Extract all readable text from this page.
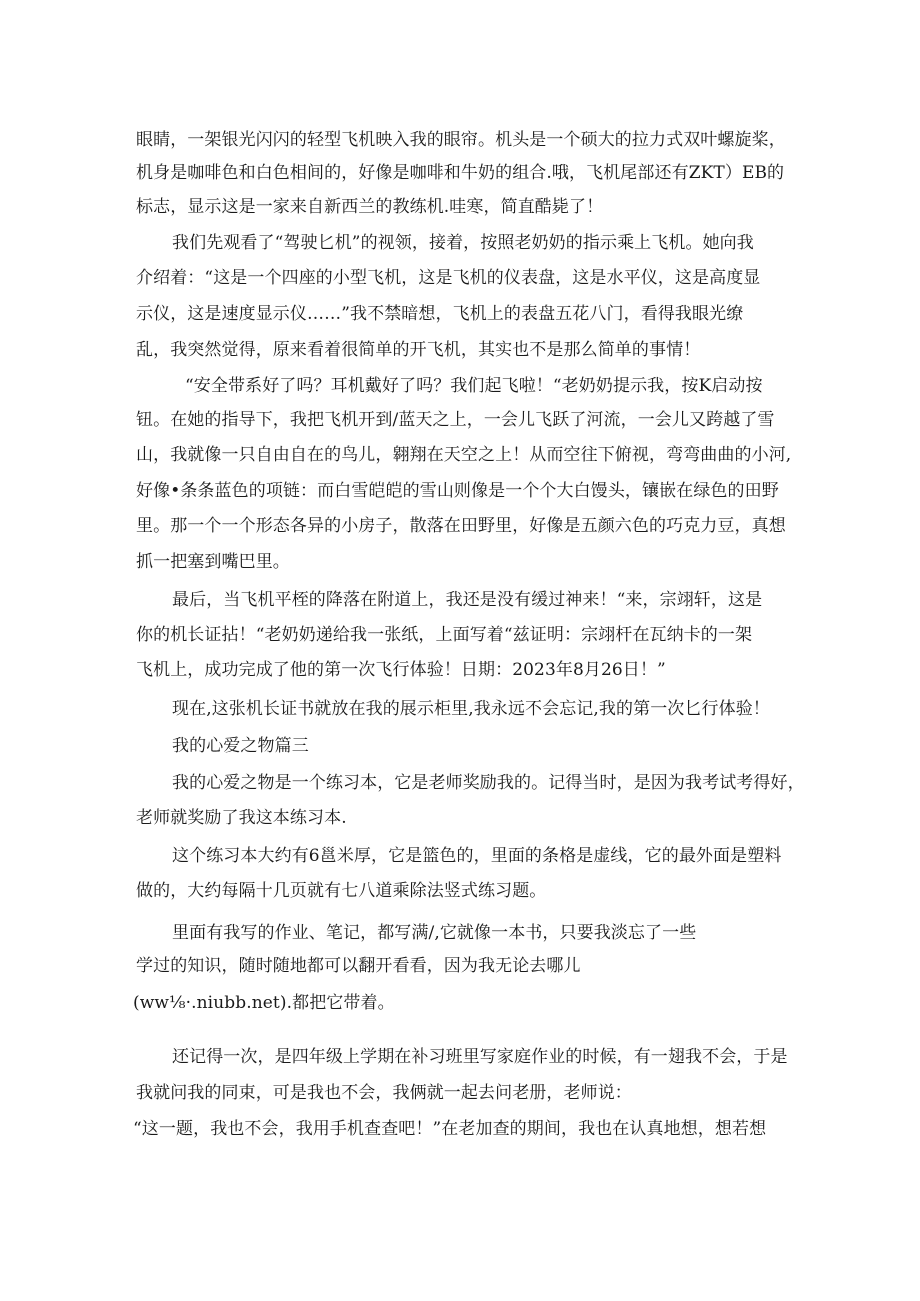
眼睛，一架银光闪闪的轻型飞机映入我的眼帘。机头是一个硕大的拉力式双叶螺旋桨，

机身是咖啡色和白色相间的，好像是咖啡和牛奶的组合.哦，飞机尾部还有ZKT）EB的

标志，显示这是一家来自新西兰的教练机.哇寒，简直酷毙了！

我们先观看了“驾驶匕机”的视领，接着，按照老奶奶的指示乘上飞机。她向我

介绍着：“这是一个四座的小型飞机，这是飞机的仪表盘，这是水平仪，这是高度显

示仪，这是速度显示仪……”我不禁暗想，飞机上的表盘五花八门，看得我眼光缭

乱，我突然觉得，原来看着很简单的开飞机，其实也不是那么简单的事情！

“安全带系好了吗？耳机戴好了吗？我们起飞啦！“老奶奶提示我，按K启动按

钮。在她的指导下，我把飞机开到/蓝天之上，一会儿飞跃了河流，一会儿又跨越了雪

山，我就像一只自由自在的鸟儿，翱翔在天空之上！从而空往下俯视，弯弯曲曲的小河,

好像•条条蓝色的项链：而白雪皑皑的雪山则像是一个个大白馒头，镶嵌在绿色的田野

里。那一个一个形态各异的小房子，散落在田野里，好像是五颜六色的巧克力豆，真想

抓一把塞到嘴巴里。

最后，当飞机平桎的降落在附道上，我还是没有缓过神来！“来，宗翊轩，这是

你的机长证拈！“老奶奶递给我一张纸，上面写着“兹证明：宗翊杆在瓦纳卡的一架

飞机上，成功完成了他的第一次飞行体验！日期：2023年8月26日！”

现在,这张机长证书就放在我的展示柜里,我永远不会忘记,我的第一次匕行体验！

我的心爱之物篇三

我的心爱之物是一个练习本，它是老师奖励我的。记得当时，是因为我考试考得好，

老师就奖励了我这本练习本.

这个练习本大约有6邕米厚，它是篮色的，里面的条格是虚线，它的最外面是塑料

做的，大约每隔十几页就有七八道乘除法竖式练习题。

里面有我写的作业、笔记，都写满/,它就像一本书，只要我淡忘了一些

学过的知识，随时随地都可以翻开看看，因为我无论去哪儿

(ww⅛·.niubb.net).都把它带着。

还记得一次，是四年级上学期在补习班里写家庭作业的时候，有一翅我不会，于是

我就问我的同束，可是我也不会，我俩就一起去问老册，老师说：

“这一题，我也不会，我用手机查查吧！”在老加查的期间，我也在认真地想，想若想
